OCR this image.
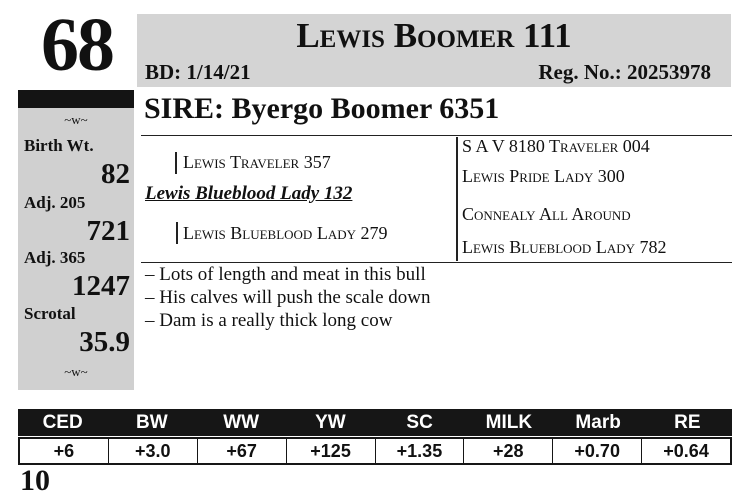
68	Lewis Boomer 111
BD: 1/14/21	Reg. No.: 20253978
~w~
Birth Wt.
82
Adj. 205
721
Adj. 365
1247
Scrotal
35.9
~w~
SIRE: Byergo Boomer 6351
Lewis Traveler 357
Lewis Blueblood Lady 132
Lewis Blueblood Lady 279
S A V 8180 Traveler 004
Lewis Pride Lady 300
Connealy All Around
Lewis Blueblood Lady 782
– Lots of length and meat in this bull
– His calves will push the scale down
– Dam is a really thick long cow
CED	BW	WW	YW	SC	MILK	Marb	RE
+6	+3.0	+67	+125	+1.35	+28	+0.70	+0.64
10
